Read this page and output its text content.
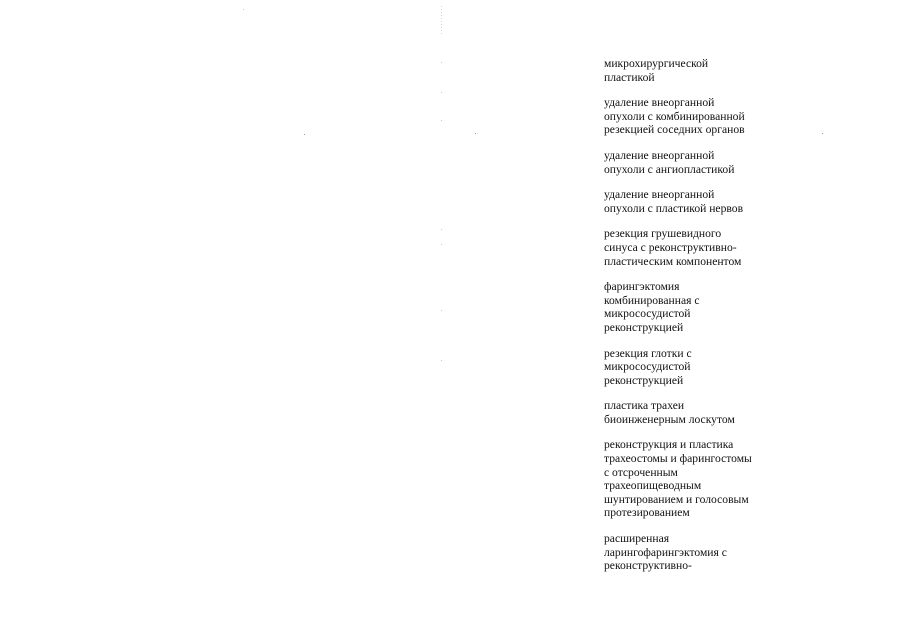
микрохирургической
пластикой

удаление внеорганной
опухоли с комбинированной
резекцией соседних органов

удаление внеорганной
опухоли с ангиопластикой

удаление внеорганной
опухоли с пластикой нервов

резекция грушевидного
синуса с реконструктивно-
пластическим компонентом

фарингэктомия
комбинированная с
микрососудистой
реконструкцией

резекция глотки с
микрососудистой
реконструкцией

пластика трахеи
биоинженерным лоскутом

реконструкция и пластика
трахеостомы и фарингостомы
с отсроченным
трахеопищеводным
шунтированием и голосовым
протезированием

расширенная
ларингофарингэктомия с
реконструктивно-
